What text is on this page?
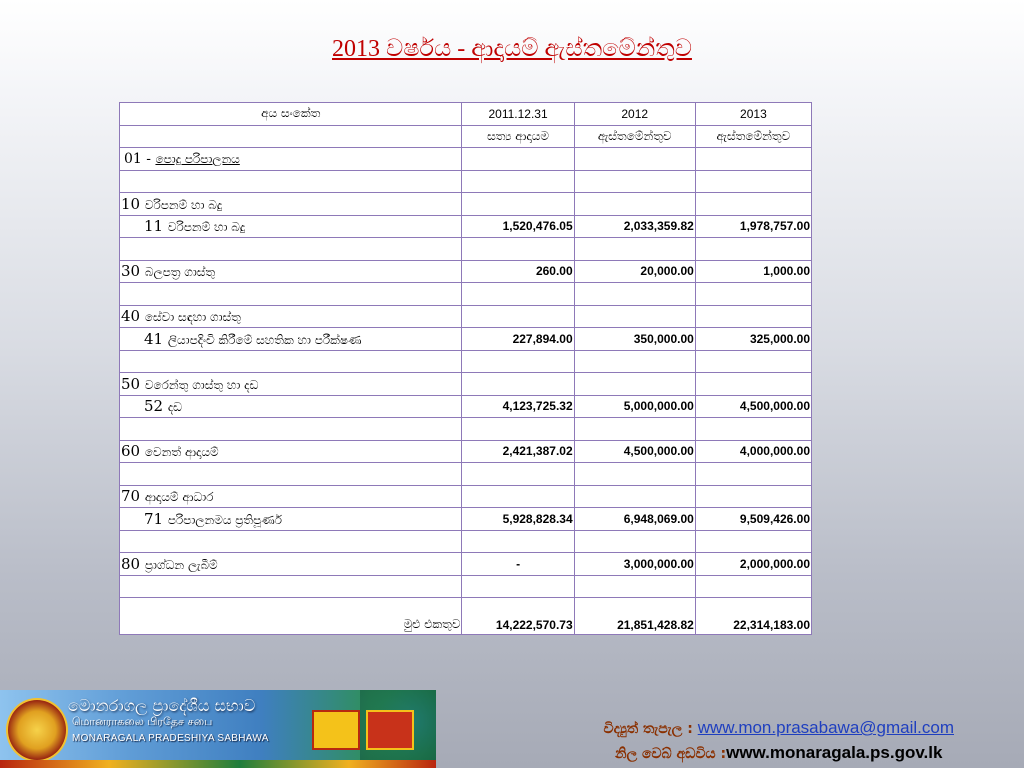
2013 වර්ෂය - ආදායම් ඇස්තමේන්තුව
අය සංකේත	2011.12.31	2012	2013
	සත්‍ය ආදායම	ඇස්තමේන්තුව	ඇස්තමේන්තුව
01 - පොදු පරිපාලනය			

10 වරිපනම් හා බදු			
11 වරිපනම් හා බදු	1,520,476.05	2,033,359.82	1,978,757.00

30 බලපත්‍ර ගාස්තු	260.00	20,000.00	1,000.00

40 සේවා සඳහා ගාස්තු			
41 ලියාපදිංචි කිරීමේ සහතික හා පරීක්ෂණ	227,894.00	350,000.00	325,000.00

50 වරෙන්තු ගාස්තු හා දඩ			
52 දඩ	4,123,725.32	5,000,000.00	4,500,000.00

60 වෙනත් ආදායම්	2,421,387.02	4,500,000.00	4,000,000.00

70 ආදායම් ආධාර			
71 පරිපාලනමය ප්‍රතිපූර්ණ	5,928,828.34	6,948,069.00	9,509,426.00

80 ප්‍රාග්ධන ලැබීම්	-	3,000,000.00	2,000,000.00

මුළු එකතුව	14,222,570.73	21,851,428.82	22,314,183.00
මොනරාගල ප්‍රාදේශීය සභාව
மொனராகலை பிரதேச சபை
MONARAGALA PRADESHIYA SABHAWA
විද්‍යුත් තැපැල : www.mon.prasabawa@gmail.com
නිල වෙබ් අඩවිය :www.monaragala.ps.gov.lk
